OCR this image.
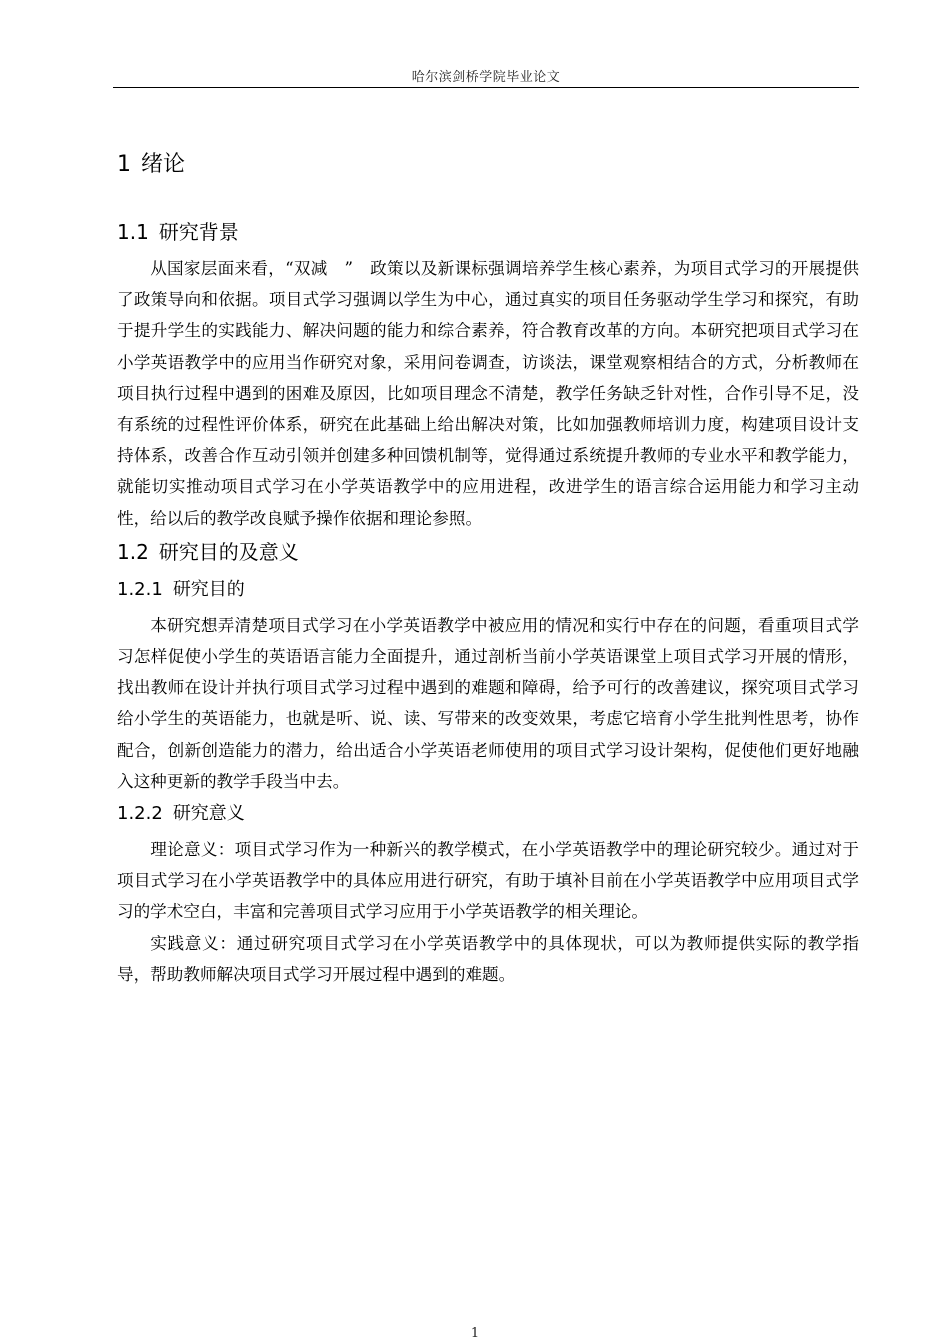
哈尔滨剑桥学院毕业论文
1 绪论
1.1 研究背景

从国家层面来看，“双减　”　政策以及新课标强调培养学生核心素养，为项目式学习的开展提供了政策导向和依据。项目式学习强调以学生为中心，通过真实的项目任务驱动学生学习和探究，有助于提升学生的实践能力、解决问题的能力和综合素养，符合教育改革的方向。本研究把项目式学习在小学英语教学中的应用当作研究对象，采用问卷调查，访谈法，课堂观察相结合的方式，分析教师在项目执行过程中遇到的困难及原因，比如项目理念不清楚，教学任务缺乏针对性，合作引导不足，没有系统的过程性评价体系，研究在此基础上给出解决对策，比如加强教师培训力度，构建项目设计支持体系，改善合作互动引领并创建多种回馈机制等，觉得通过系统提升教师的专业水平和教学能力，就能切实推动项目式学习在小学英语教学中的应用进程，改进学生的语言综合运用能力和学习主动性，给以后的教学改良赋予操作依据和理论参照。

1.2 研究目的及意义
1.2.1 研究目的

本研究想弄清楚项目式学习在小学英语教学中被应用的情况和实行中存在的问题，看重项目式学习怎样促使小学生的英语语言能力全面提升，通过剖析当前小学英语课堂上项目式学习开展的情形，找出教师在设计并执行项目式学习过程中遇到的难题和障碍，给予可行的改善建议，探究项目式学习给小学生的英语能力，也就是听、说、读、写带来的改变效果，考虑它培育小学生批判性思考，协作配合，创新创造能力的潜力，给出适合小学英语老师使用的项目式学习设计架构，促使他们更好地融入这种更新的教学手段当中去。

1.2.2 研究意义

理论意义：项目式学习作为一种新兴的教学模式，在小学英语教学中的理论研究较少。通过对于项目式学习在小学英语教学中的具体应用进行研究，有助于填补目前在小学英语教学中应用项目式学习的学术空白，丰富和完善项目式学习应用于小学英语教学的相关理论。

实践意义：通过研究项目式学习在小学英语教学中的具体现状，可以为教师提供实际的教学指导，帮助教师解决项目式学习开展过程中遇到的难题。

1
